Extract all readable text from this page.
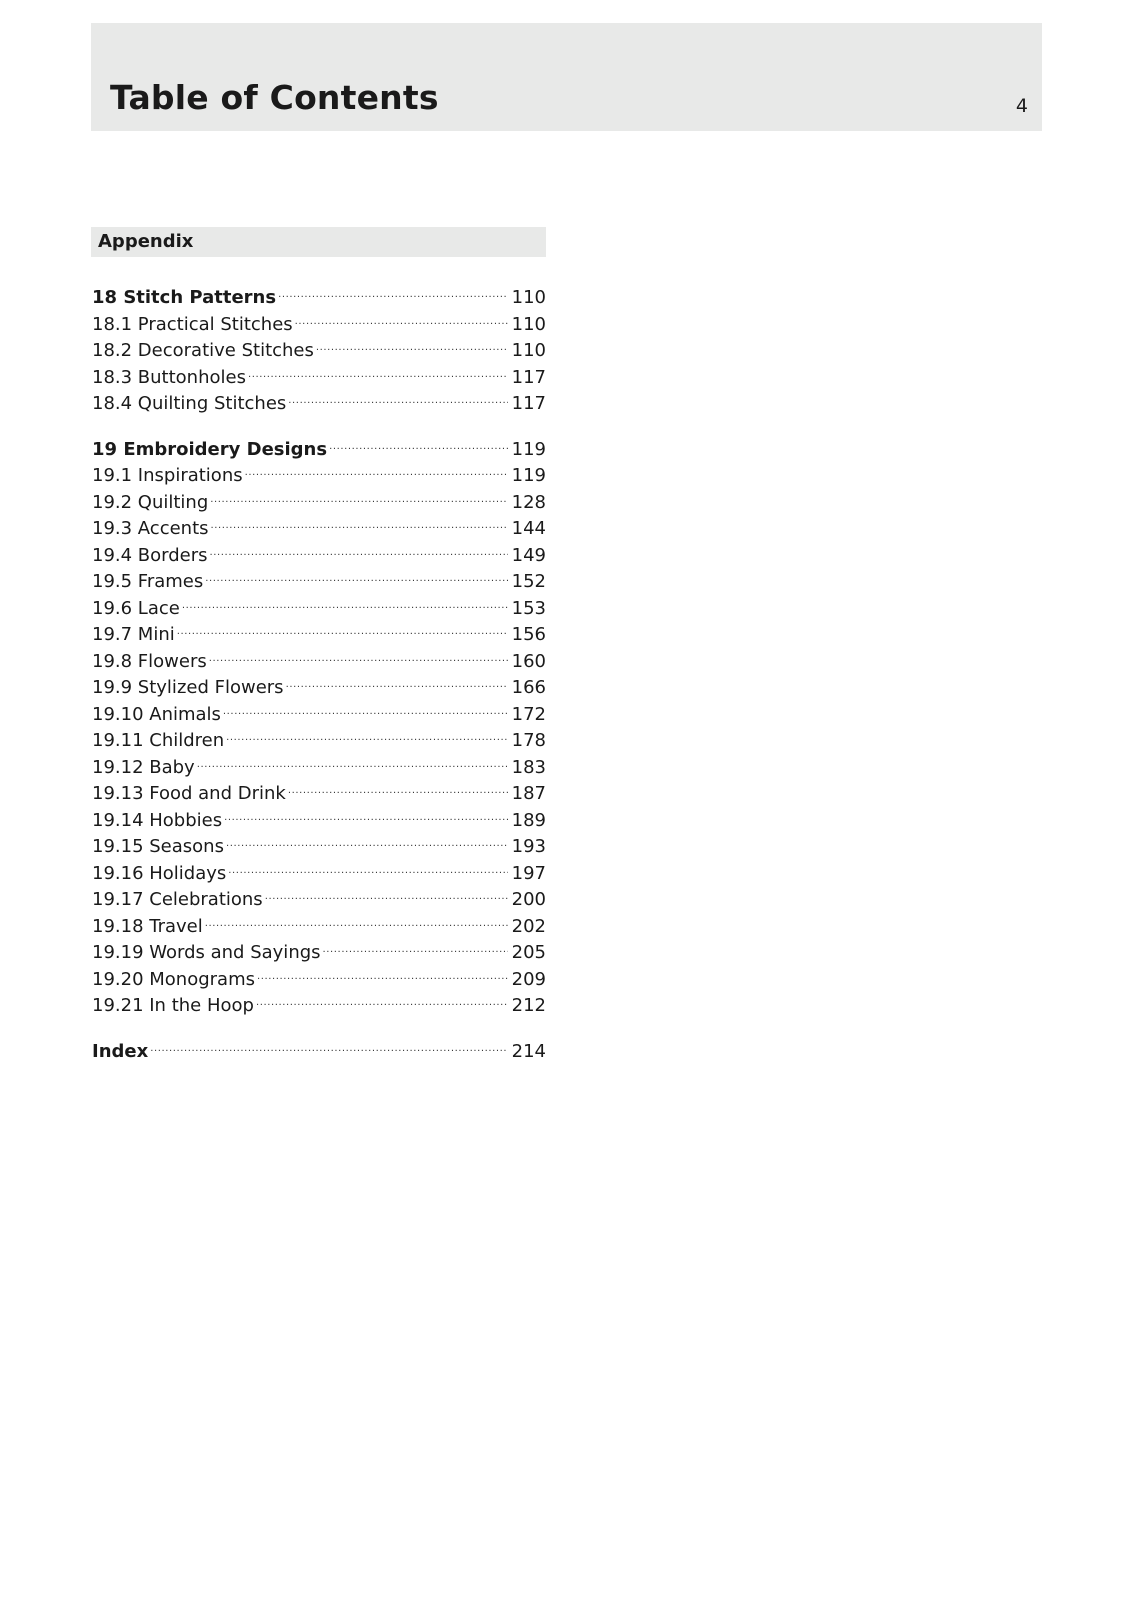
Table of Contents	4
Appendix
18 Stitch Patterns . . .	110
18.1 Practical Stitches . . .	110
18.2 Decorative Stitches . . .	110
18.3 Buttonholes . . .	117
18.4 Quilting Stitches . . .	117
19 Embroidery Designs . . .	119
19.1 Inspirations . . .	119
19.2 Quilting . . .	128
19.3 Accents . . .	144
19.4 Borders . . .	149
19.5 Frames . . .	152
19.6 Lace . . .	153
19.7 Mini . . .	156
19.8 Flowers . . .	160
19.9 Stylized Flowers . . .	166
19.10 Animals . . .	172
19.11 Children . . .	178
19.12 Baby . . .	183
19.13 Food and Drink . . .	187
19.14 Hobbies . . .	189
19.15 Seasons . . .	193
19.16 Holidays . . .	197
19.17 Celebrations . . .	200
19.18 Travel . . .	202
19.19 Words and Sayings . . .	205
19.20 Monograms . . .	209
19.21 In the Hoop . . .	212
Index . . .	214
